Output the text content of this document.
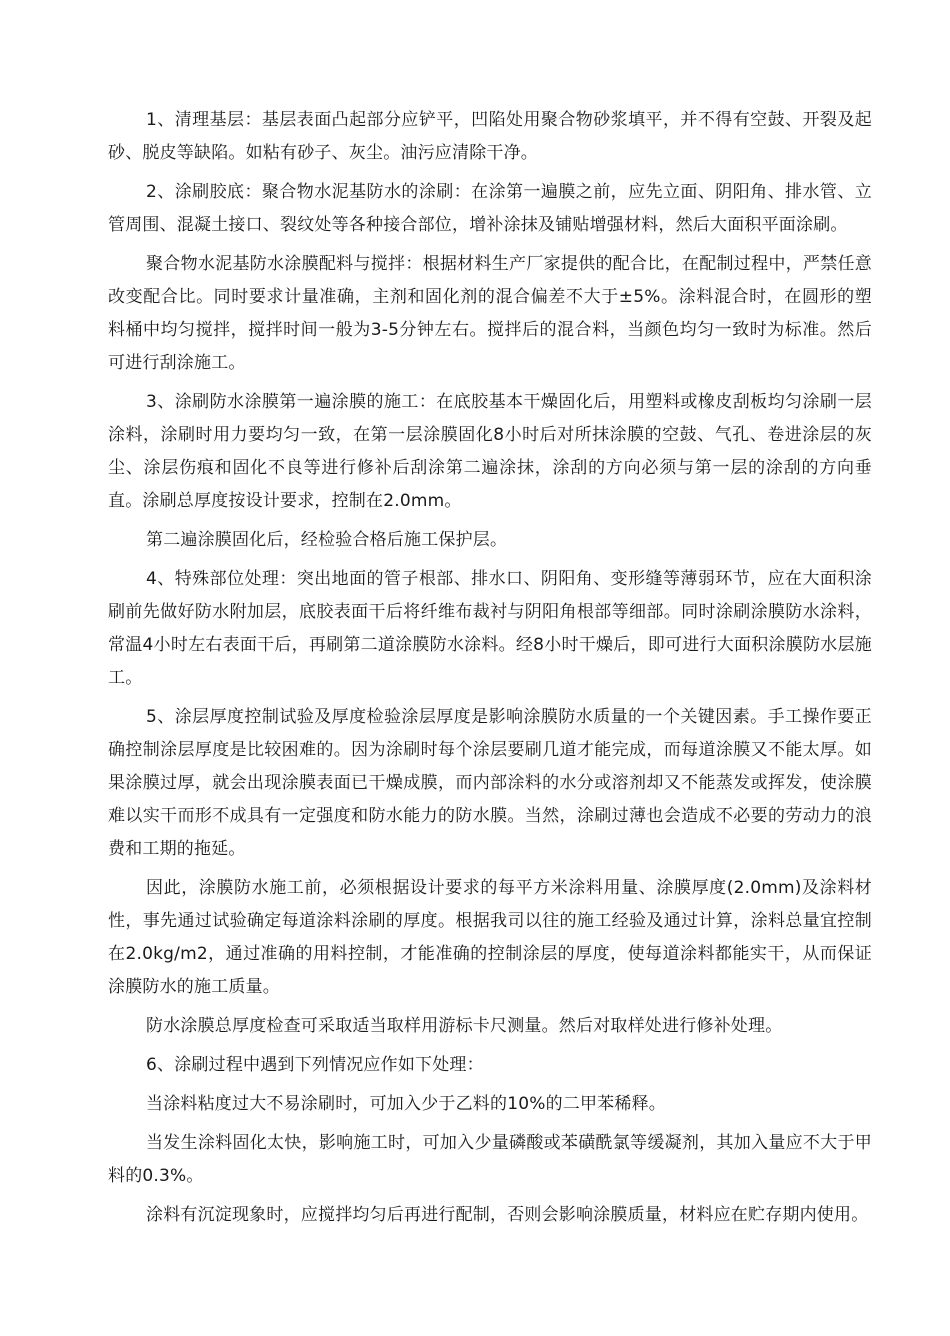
1、清理基层：基层表面凸起部分应铲平，凹陷处用聚合物砂浆填平，并不得有空鼓、开裂及起砂、脱皮等缺陷。如粘有砂子、灰尘。油污应清除干净。

2、涂刷胶底：聚合物水泥基防水的涂刷：在涂第一遍膜之前，应先立面、阴阳角、排水管、立管周围、混凝土接口、裂纹处等各种接合部位，增补涂抹及铺贴增强材料，然后大面积平面涂刷。

聚合物水泥基防水涂膜配料与搅拌：根据材料生产厂家提供的配合比，在配制过程中，严禁任意改变配合比。同时要求计量准确，主剂和固化剂的混合偏差不大于±5%。涂料混合时，在圆形的塑料桶中均匀搅拌，搅拌时间一般为3-5分钟左右。搅拌后的混合料，当颜色均匀一致时为标准。然后可进行刮涂施工。

3、涂刷防水涂膜第一遍涂膜的施工：在底胶基本干燥固化后，用塑料或橡皮刮板均匀涂刷一层涂料，涂刷时用力要均匀一致，在第一层涂膜固化8小时后对所抹涂膜的空鼓、气孔、卷进涂层的灰尘、涂层伤痕和固化不良等进行修补后刮涂第二遍涂抹，涂刮的方向必须与第一层的涂刮的方向垂直。涂刷总厚度按设计要求，控制在2.0mm。

第二遍涂膜固化后，经检验合格后施工保护层。

4、特殊部位处理：突出地面的管子根部、排水口、阴阳角、变形缝等薄弱环节，应在大面积涂刷前先做好防水附加层，底胶表面干后将纤维布裁衬与阴阳角根部等细部。同时涂刷涂膜防水涂料，常温4小时左右表面干后，再刷第二道涂膜防水涂料。经8小时干燥后，即可进行大面积涂膜防水层施工。

5、涂层厚度控制试验及厚度检验涂层厚度是影响涂膜防水质量的一个关键因素。手工操作要正确控制涂层厚度是比较困难的。因为涂刷时每个涂层要刷几道才能完成，而每道涂膜又不能太厚。如果涂膜过厚，就会出现涂膜表面已干燥成膜，而内部涂料的水分或溶剂却又不能蒸发或挥发，使涂膜难以实干而形不成具有一定强度和防水能力的防水膜。当然，涂刷过薄也会造成不必要的劳动力的浪费和工期的拖延。

因此，涂膜防水施工前，必须根据设计要求的每平方米涂料用量、涂膜厚度(2.0mm)及涂料材性，事先通过试验确定每道涂料涂刷的厚度。根据我司以往的施工经验及通过计算，涂料总量宜控制在2.0kg/m2，通过准确的用料控制，才能准确的控制涂层的厚度，使每道涂料都能实干，从而保证涂膜防水的施工质量。

防水涂膜总厚度检查可采取适当取样用游标卡尺测量。然后对取样处进行修补处理。

6、涂刷过程中遇到下列情况应作如下处理：

当涂料粘度过大不易涂刷时，可加入少于乙料的10%的二甲苯稀释。

当发生涂料固化太快，影响施工时，可加入少量磷酸或苯磺酰氯等缓凝剂，其加入量应不大于甲料的0.3%。

涂料有沉淀现象时，应搅拌均匀后再进行配制，否则会影响涂膜质量，材料应在贮存期内使用。
